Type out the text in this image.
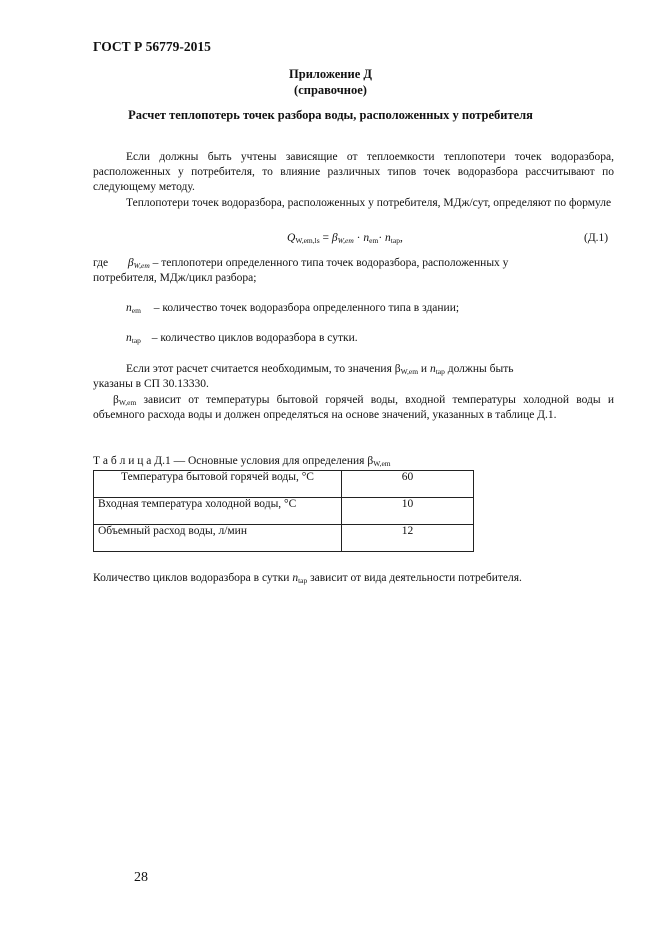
ГОСТ Р 56779-2015
Приложение Д
(справочное)
Расчет теплопотерь точек разбора воды, расположенных у потребителя
Если должны быть учтены зависящие от теплоемкости теплопотери точек водоразбора, расположенных у потребителя, то влияние различных типов точек водоразбора рассчитывают по следующему методу.
Теплопотери точек водоразбора, расположенных у потребителя, МДж/сут, определяют по формуле
$Q_{W,em,ls} = \beta_{W,em} \cdot n_{em}\cdot n_{tap}$,	(Д.1)
где $\beta_{W,em}$ – теплопотери определенного типа точек водоразбора, расположенных у
потребителя, МДж/цикл разбора;
$n_{em}$ – количество точек водоразбора определенного типа в здании;
$n_{tap}$ – количество циклов водоразбора в сутки.
Если этот расчет считается необходимым, то значения $\beta_{W,em}$ и $n_{tap}$ должны быть
указаны в СП 30.13330.
$\beta_{W,em}$ зависит от температуры бытовой горячей воды, входной температуры холодной воды и объемного расхода воды и должен определяться на основе значений, указанных в таблице Д.1.
Т а б л и ц а Д.1 — Основные условия для определения $\beta_{W,em}$
Температура бытовой горячей воды, °С	60
Входная температура холодной воды, °С	10
Объемный расход воды, л/мин	12
Количество циклов водоразбора в сутки $n_{tap}$ зависит от вида деятельности потребителя.
28
